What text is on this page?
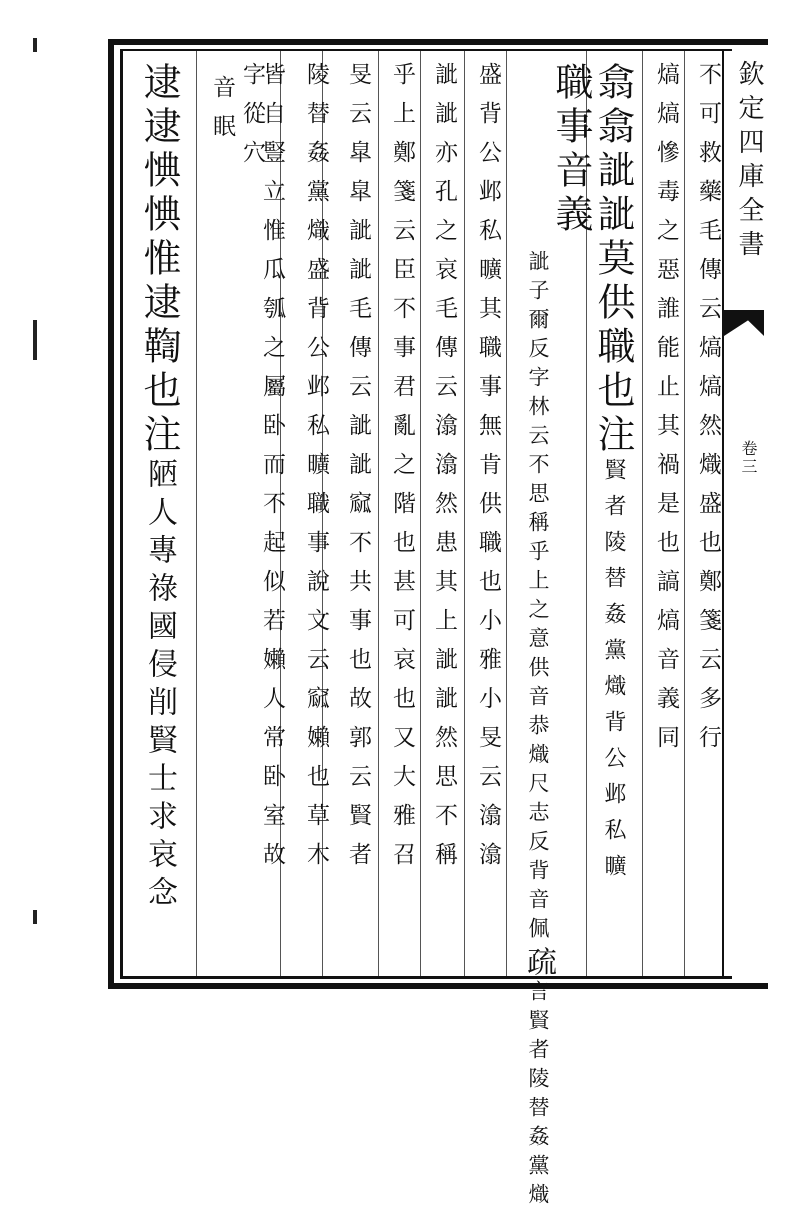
欽定四庫全書
卷三
不可救藥毛傳云熇熇然熾盛也鄭箋云多行
熇熇慘毒之惡誰能止其禍是也謞熇音義同
翕翕訿訿莫供職也注賢者陵替姦黨熾背公邺私曠
職事音義
訿子爾反字林云不思稱乎上之意供音恭熾尺志反背音佩疏言賢者陵替姦黨熾
盛背公邺私曠其職事無肯供職也小雅小旻云潝潝
訿訿亦孔之哀毛傳云潝潝然患其上訿訿然思不稱
乎上鄭箋云臣不事君亂之階也甚可哀也又大雅召
旻云皐皐訿訿毛傳云訿訿窳不共事也故郭云賢者
陵替姦黨熾盛背公邺私曠職事說文云窳嬾也草木
皆自豎立惟瓜瓠之屬卧而不起似若嬾人常卧室故
字從穴
音眠
逮逮㥏㥏惟逮鞫也注陋人專祿國侵削賢士求哀念
